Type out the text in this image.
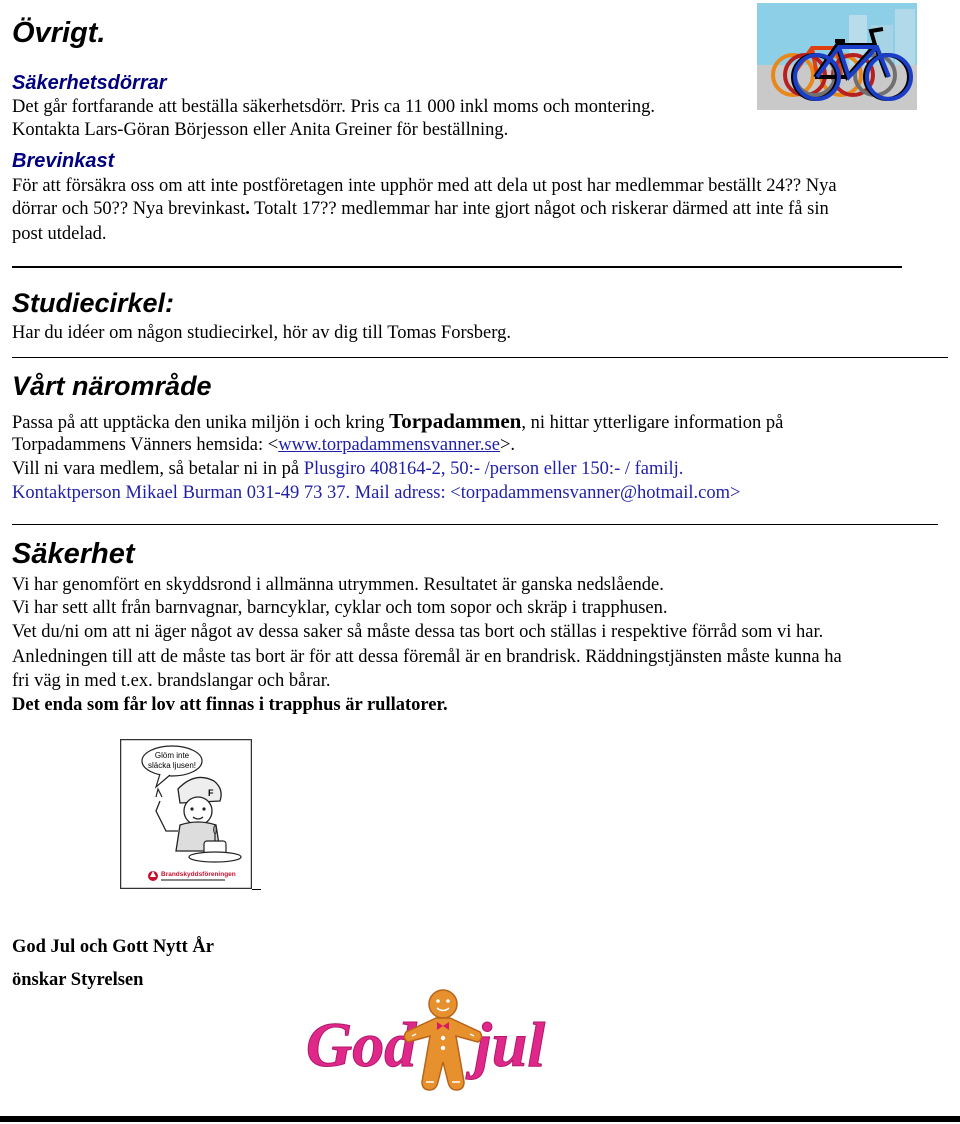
Övrigt.
Säkerhetsdörrar
Det går fortfarande att beställa säkerhetsdörr. Pris ca 11 000 inkl moms och montering.
Kontakta Lars-Göran Börjesson eller Anita Greiner för beställning.
Brevinkast
För att försäkra oss om att inte postföretagen inte upphör med att dela ut post har medlemmar beställt 24?? Nya
dörrar och 50?? Nya brevinkast. Totalt 17?? medlemmar har inte gjort något och riskerar därmed att inte få sin
post utdelad.
Studiecirkel:
Har du idéer om någon studiecirkel, hör av dig till Tomas Forsberg.
Vårt närområde
Passa på att upptäcka den unika miljön i och kring Torpadammen, ni hittar ytterligare information på
Torpadammens Vänners hemsida: <www.torpadammensvanner.se>.
Vill ni vara medlem, så betalar ni in på Plusgiro 408164-2, 50:- /person eller 150:- / familj.
Kontaktperson Mikael Burman 031-49 73 37. Mail adress: <torpadammensvanner@hotmail.com>
Säkerhet
Vi har genomfört en skyddsrond i allmänna utrymmen. Resultatet är ganska nedslående.
Vi har sett allt från barnvagnar, barncyklar, cyklar och tom sopor och skräp i trapphusen.
Vet du/ni om att ni äger något av dessa saker så måste dessa tas bort och ställas i respektive förråd som vi har.
Anledningen till att de måste tas bort är för att dessa föremål är en brandrisk. Räddningstjänsten måste kunna ha
fri väg in med t.ex. brandslangar och bårar.
Det enda som får lov att finnas i trapphus är rullatorer.
Glöm inte
släcka ljusen!
F
Brandskyddsföreningen
God Jul och Gott Nytt År
önskar Styrelsen
God jul
